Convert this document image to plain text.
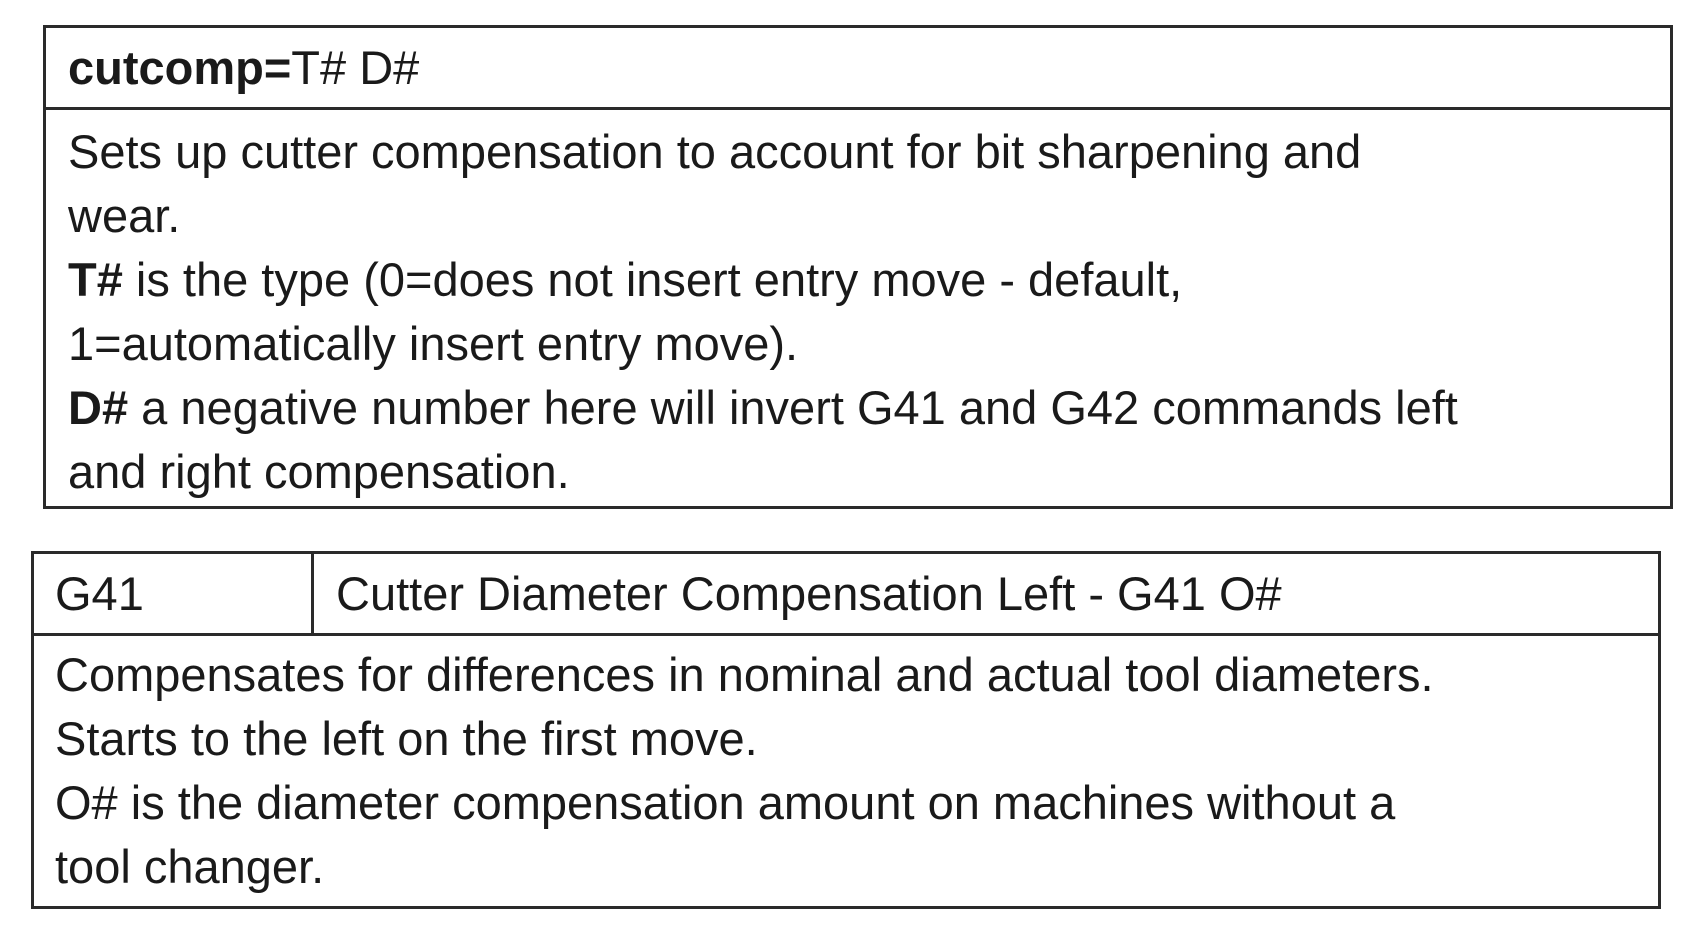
cutcomp= T# D#
Sets up cutter compensation to account for bit sharpening and
wear.
T# is the type (0=does not insert entry move - default,
1=automatically insert entry move).
D# a negative number here will invert G41 and G42 commands left
and right compensation.
G41	Cutter Diameter Compensation Left - G41 O#
Compensates for differences in nominal and actual tool diameters.
Starts to the left on the first move.
O# is the diameter compensation amount on machines without a
tool changer.
